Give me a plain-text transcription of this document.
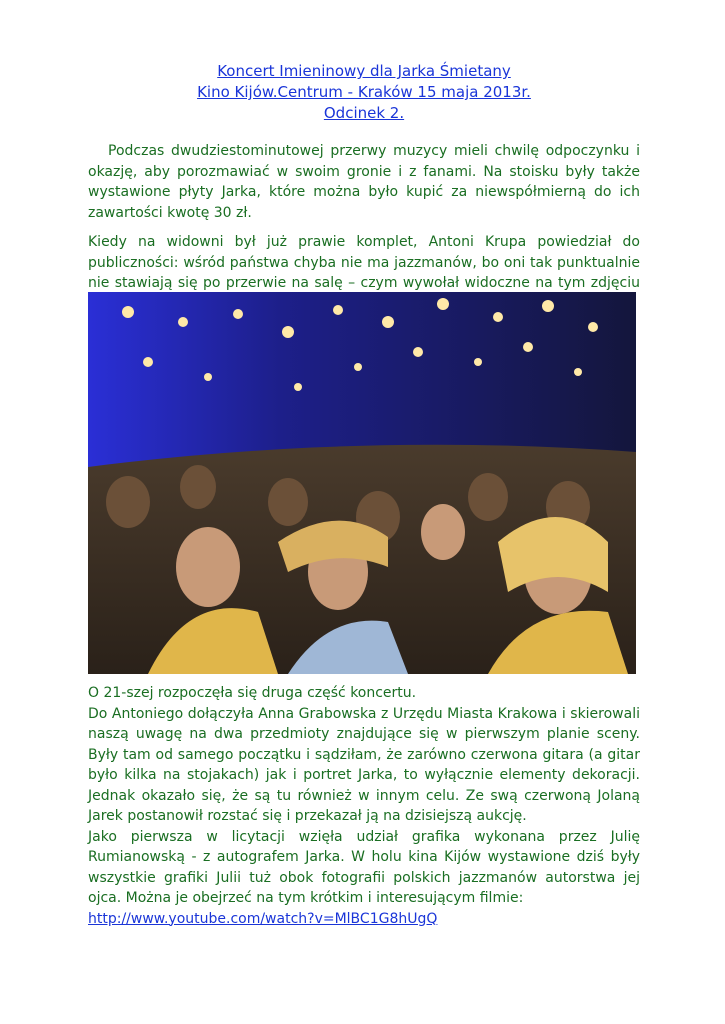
Koncert Imieninowy dla Jarka Śmietany
Kino Kijów.Centrum - Kraków 15 maja 2013r.
Odcinek 2.

Podczas dwudziestominutowej przerwy muzycy mieli chwilę odpoczynku i okazję, aby porozmawiać w swoim gronie i z fanami. Na stoisku były także wystawione płyty Jarka, które można było kupić za niewspółmierną do ich zawartości kwotę 30 zł.

Kiedy na widowni był już prawie komplet, Antoni Krupa powiedział do publiczności: wśród państwa chyba nie ma jazzmanów, bo oni tak punktualnie nie stawiają się po przerwie na salę – czym wywołał widoczne na tym zdjęciu

O 21-szej rozpoczęła się druga część koncertu.
Do Antoniego dołączyła Anna Grabowska z Urzędu Miasta Krakowa i skierowali naszą uwagę na dwa przedmioty znajdujące się w pierwszym planie sceny. Były tam od samego początku i sądziłam, że zarówno czerwona gitara (a gitar było kilka na stojakach) jak i portret Jarka, to wyłącznie elementy dekoracji. Jednak okazało się, że są tu również w innym celu. Ze swą czerwoną Jolaną Jarek postanowił rozstać się i przekazał ją na dzisiejszą aukcję.
Jako pierwsza w licytacji wzięła udział grafika wykonana przez Julię Rumianowską - z autografem Jarka. W holu kina Kijów wystawione dziś były wszystkie grafiki Julii tuż obok fotografii polskich jazzmanów autorstwa jej ojca. Można je obejrzeć na tym krótkim i interesującym filmie:
http://www.youtube.com/watch?v=MlBC1G8hUgQ
